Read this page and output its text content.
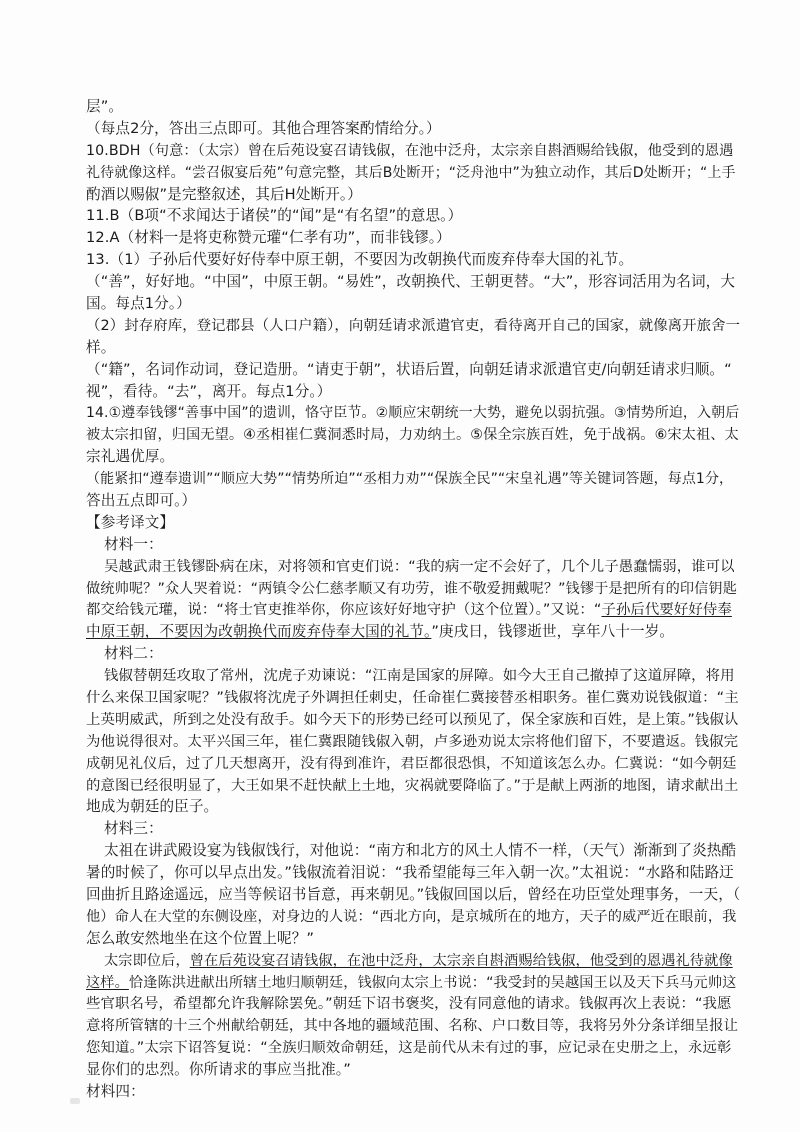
层”。
（每点2分，答出三点即可。其他合理答案酌情给分。）
10.BDH（句意：（太宗）曾在后苑设宴召请钱俶，在池中泛舟，太宗亲自斟酒赐给钱俶，他受到的恩遇
礼待就像这样。“尝召俶宴后苑”句意完整，其后B处断开；“泛舟池中”为独立动作，其后D处断开；“上手
酌酒以赐俶”是完整叙述，其后H处断开。）
11.B（B项“不求闻达于诸侯”的“闻”是“有名望”的意思。）
12.A（材料一是将吏称赞元瓘“仁孝有功”，而非钱镠。）
13.（1）子孙后代要好好侍奉中原王朝，不要因为改朝换代而废弃侍奉大国的礼节。
（“善”，好好地。“中国”，中原王朝。“易姓”，改朝换代、王朝更替。“大”，形容词活用为名词，大
国。每点1分。）
（2）封存府库，登记郡县（人口户籍），向朝廷请求派遣官吏，看待离开自己的国家，就像离开旅舍一
样。
（“籍”，名词作动词，登记造册。“请吏于朝”，状语后置，向朝廷请求派遣官吏/向朝廷请求归顺。“
视”，看待。“去”，离开。每点1分。）
14.①遵奉钱镠“善事中国”的遗训，恪守臣节。②顺应宋朝统一大势，避免以弱抗强。③情势所迫，入朝后
被太宗扣留，归国无望。④丞相崔仁冀洞悉时局，力劝纳土。⑤保全宗族百姓，免于战祸。⑥宋太祖、太
宗礼遇优厚。
（能紧扣“遵奉遗训”“顺应大势”“情势所迫”“丞相力劝”“保族全民”“宋皇礼遇”等关键词答题，每点1分，
答出五点即可。）
【参考译文】
材料一：
吴越武肃王钱镠卧病在床，对将领和官吏们说：“我的病一定不会好了，几个儿子愚蠢懦弱，谁可以
做统帅呢？”众人哭着说：“两镇令公仁慈孝顺又有功劳，谁不敬爱拥戴呢？”钱镠于是把所有的印信钥匙
都交给钱元瓘，说：“将士官吏推举你，你应该好好地守护（这个位置）。”又说：“子孙后代要好好侍奉
中原王朝，不要因为改朝换代而废弃侍奉大国的礼节。”庚戌日，钱镠逝世，享年八十一岁。
材料二：
钱俶替朝廷攻取了常州，沈虎子劝谏说：“江南是国家的屏障。如今大王自己撤掉了这道屏障，将用
什么来保卫国家呢？”钱俶将沈虎子外调担任刺史，任命崔仁冀接替丞相职务。崔仁冀劝说钱俶道：“主
上英明威武，所到之处没有敌手。如今天下的形势已经可以预见了，保全家族和百姓，是上策。”钱俶认
为他说得很对。太平兴国三年，崔仁冀跟随钱俶入朝，卢多逊劝说太宗将他们留下，不要遣返。钱俶完
成朝见礼仪后，过了几天想离开，没有得到准许，君臣都很恐惧，不知道该怎么办。仁冀说：“如今朝廷
的意图已经很明显了，大王如果不赶快献上土地，灾祸就要降临了。”于是献上两浙的地图，请求献出土
地成为朝廷的臣子。
材料三：
太祖在讲武殿设宴为钱俶饯行，对他说：“南方和北方的风土人情不一样，（天气）渐渐到了炎热酷
暑的时候了，你可以早点出发。”钱俶流着泪说：“我希望能每三年入朝一次。”太祖说：“水路和陆路迂
回曲折且路途遥远，应当等候诏书旨意，再来朝见。”钱俶回国以后，曾经在功臣堂处理事务，一天，（
他）命人在大堂的东侧设座，对身边的人说：“西北方向，是京城所在的地方，天子的威严近在眼前，我
怎么敢安然地坐在这个位置上呢？”
太宗即位后，曾在后苑设宴召请钱俶，在池中泛舟，太宗亲自斟酒赐给钱俶，他受到的恩遇礼待就像
这样。恰逢陈洪进献出所辖土地归顺朝廷，钱俶向太宗上书说：“我受封的吴越国王以及天下兵马元帅这
些官职名号，希望都允许我解除罢免。”朝廷下诏书褒奖，没有同意他的请求。钱俶再次上表说：“我愿
意将所管辖的十三个州献给朝廷，其中各地的疆域范围、名称、户口数目等，我将另外分条详细呈报让
您知道。”太宗下诏答复说：“全族归顺效命朝廷，这是前代从未有过的事，应记录在史册之上，永远彰
显你们的忠烈。你所请求的事应当批准。”
材料四：
